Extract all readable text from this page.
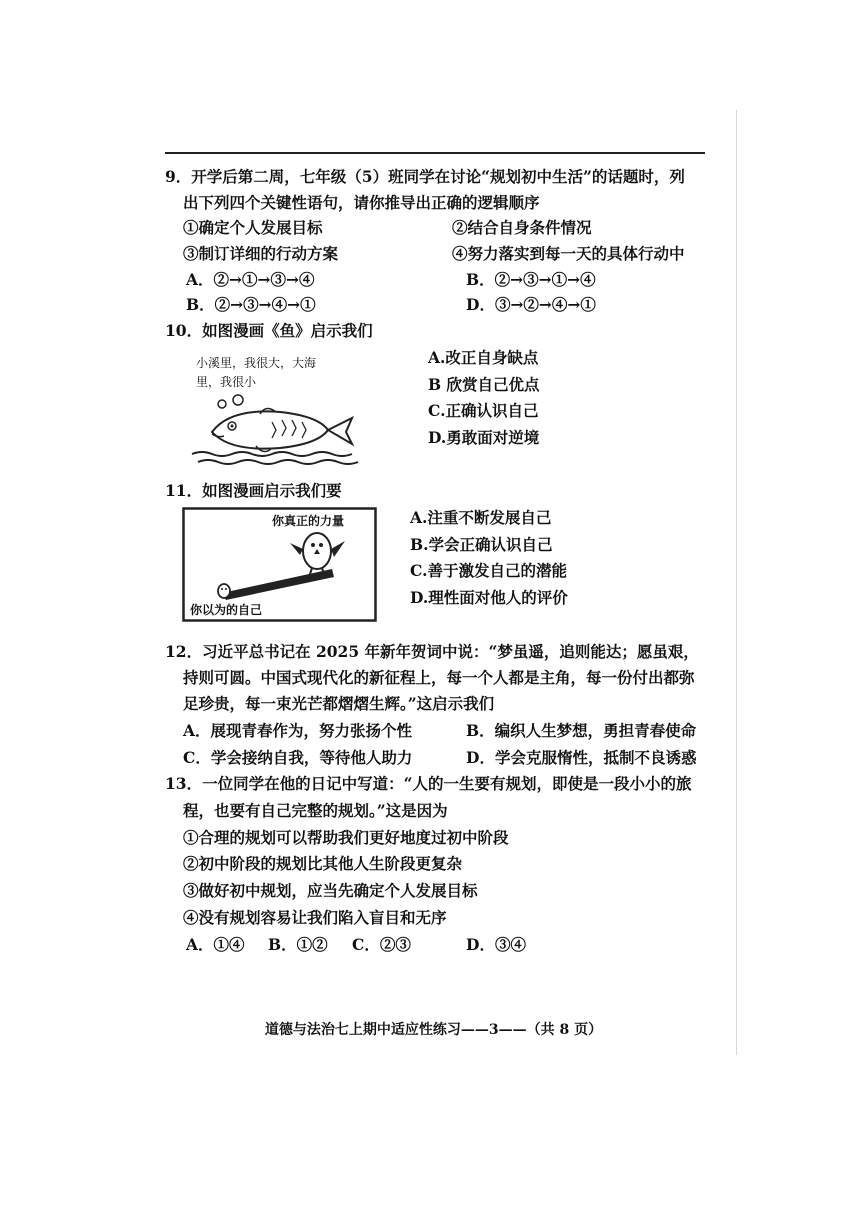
9．开学后第二周，七年级（5）班同学在讨论“规划初中生活”的话题时，列
出下列四个关键性语句，请你推导出正确的逻辑顺序
①确定个人发展目标	②结合自身条件情况
③制订详细的行动方案	④努力落实到每一天的具体行动中
A．②→①→③→④	B．②→③→①→④
B．②→③→④→①	D．③→②→④→①
10．如图漫画《鱼》启示我们
小溪里，我很大，大海
里，我很小
A.改正自身缺点
B 欣赏自己优点
C.正确认识自己
D.勇敢面对逆境
11．如图漫画启示我们要
你真正的力量
你以为的自己
A.注重不断发展自己
B.学会正确认识自己
C.善于激发自己的潜能
D.理性面对他人的评价
12．习近平总书记在 2025 年新年贺词中说：“梦虽遥，追则能达；愿虽艰，
持则可圆。中国式现代化的新征程上，每一个人都是主角，每一份付出都弥
足珍贵，每一束光芒都熠熠生辉。”这启示我们
A．展现青春作为，努力张扬个性	B．编织人生梦想，勇担青春使命
C．学会接纳自我，等待他人助力	D．学会克服惰性，抵制不良诱惑
13．一位同学在他的日记中写道：“人的一生要有规划，即使是一段小小的旅
程，也要有自己完整的规划。”这是因为
①合理的规划可以帮助我们更好地度过初中阶段
②初中阶段的规划比其他人生阶段更复杂
③做好初中规划，应当先确定个人发展目标
④没有规划容易让我们陷入盲目和无序
A．①④ B．①② C．②③	D．③④
道德与法治七上期中适应性练习——3——（共 8 页）
